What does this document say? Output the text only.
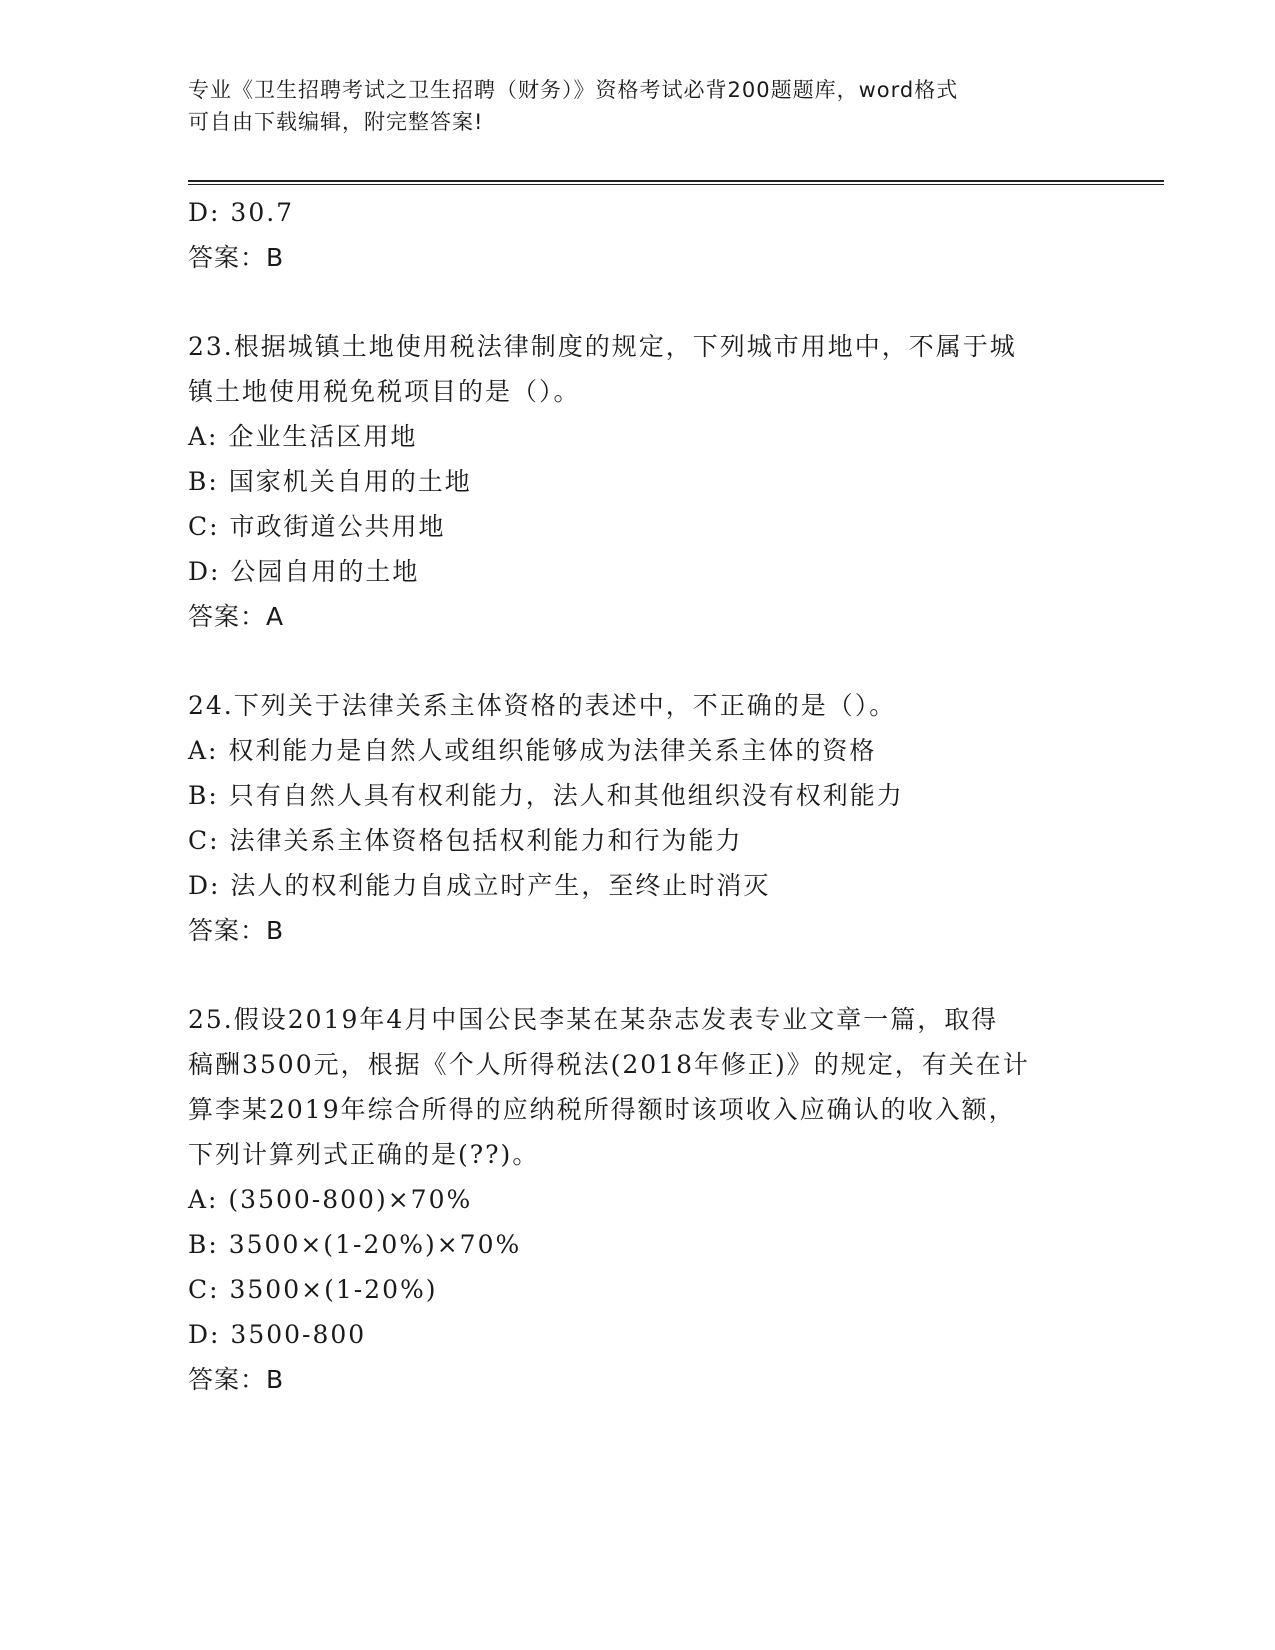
专业《卫生招聘考试之卫生招聘（财务）》资格考试必背200题题库，word格式
可自由下载编辑，附完整答案!
D: 30.7
答案：B
23.根据城镇土地使用税法律制度的规定，下列城市用地中，不属于城
镇土地使用税免税项目的是（）。
A: 企业生活区用地
B: 国家机关自用的土地
C: 市政街道公共用地
D: 公园自用的土地
答案：A
24.下列关于法律关系主体资格的表述中，不正确的是（）。
A: 权利能力是自然人或组织能够成为法律关系主体的资格
B: 只有自然人具有权利能力，法人和其他组织没有权利能力
C: 法律关系主体资格包括权利能力和行为能力
D: 法人的权利能力自成立时产生，至终止时消灭
答案：B
25.假设2019年4月中国公民李某在某杂志发表专业文章一篇，取得
稿酬3500元，根据《个人所得税法(2018年修正)》的规定，有关在计
算李某2019年综合所得的应纳税所得额时该项收入应确认的收入额，
下列计算列式正确的是(??)。
A: (3500-800)×70%
B: 3500×(1-20%)×70%
C: 3500×(1-20%)
D: 3500-800
答案：B
